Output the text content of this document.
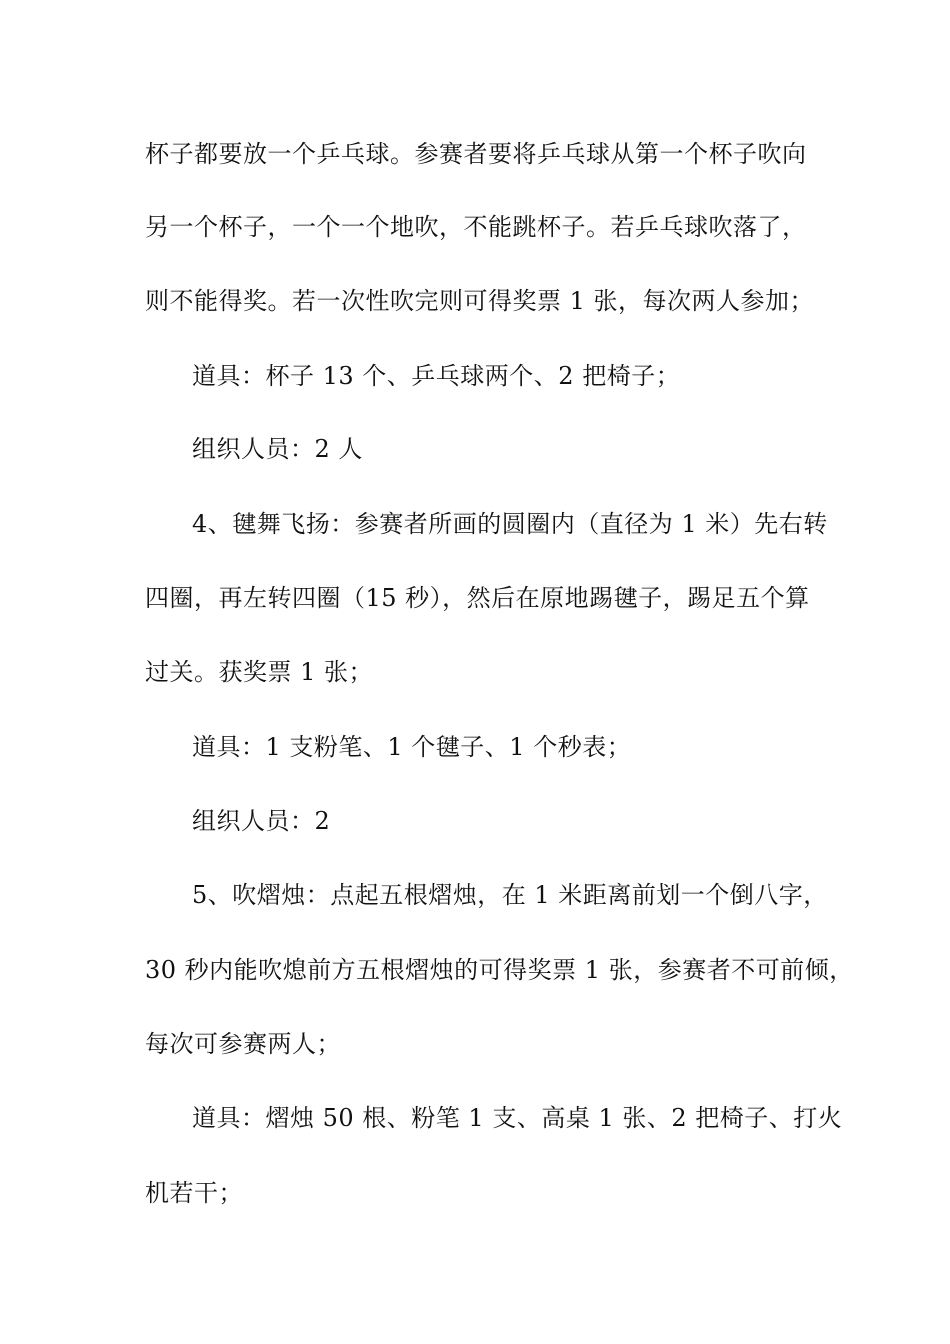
杯子都要放一个乒乓球。参赛者要将乒乓球从第一个杯子吹向
另一个杯子，一个一个地吹，不能跳杯子。若乒乓球吹落了，
则不能得奖。若一次性吹完则可得奖票 1 张，每次两人参加；
道具：杯子 13 个、乒乓球两个、2 把椅子；
组织人员：2 人
4、毽舞飞扬：参赛者所画的圆圈内（直径为 1 米）先右转
四圈，再左转四圈（15 秒），然后在原地踢毽子，踢足五个算
过关。获奖票 1 张；
道具：1 支粉笔、1 个毽子、1 个秒表；
组织人员：2
5、吹熠烛：点起五根熠烛，在 1 米距离前划一个倒八字，
30 秒内能吹熄前方五根熠烛的可得奖票 1 张，参赛者不可前倾，
每次可参赛两人；
道具：熠烛 50 根、粉笔 1 支、高桌 1 张、2 把椅子、打火
机若干；
